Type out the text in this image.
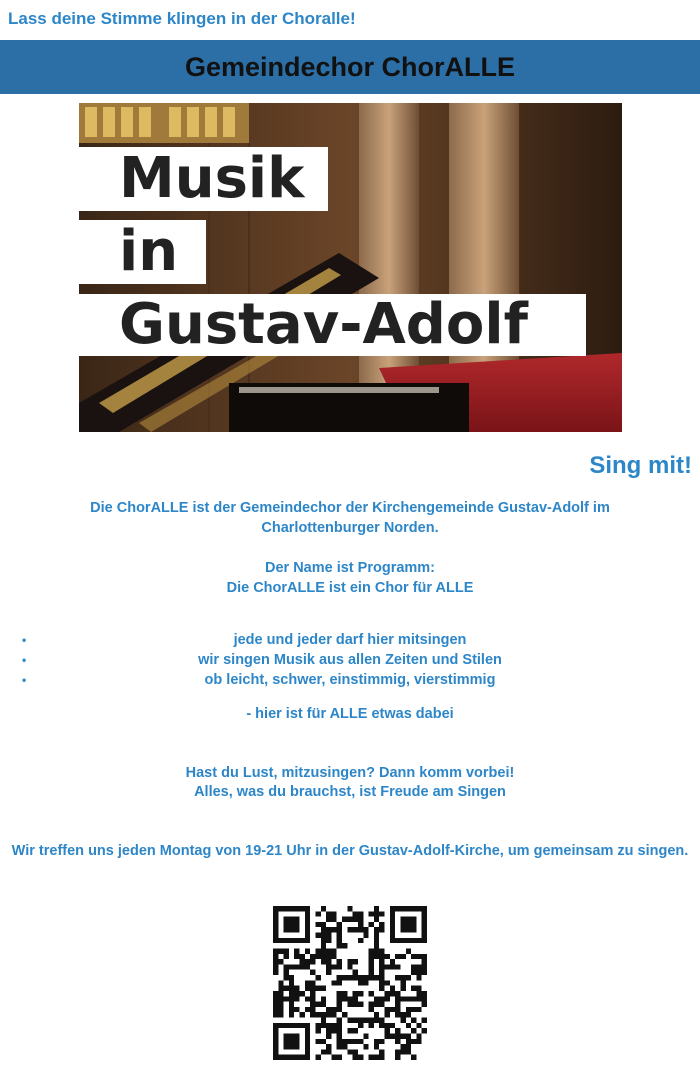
Lass deine Stimme klingen in der Choralle!

Gemeindechor ChorALLE
Musik
in
Gustav-Adolf

Sing mit!

Die ChorALLE ist der Gemeindechor der Kirchengemeinde Gustav-Adolf im Charlottenburger Norden.

Der Name ist Programm:

Die ChorALLE ist ein Chor für ALLE

•	jede und jeder darf hier mitsingen
•	wir singen Musik aus allen Zeiten und Stilen
•	ob leicht, schwer, einstimmig, vierstimmig

- hier ist für ALLE etwas dabei

Hast du Lust, mitzusingen? Dann komm vorbei!

Alles, was du brauchst, ist Freude am Singen

Wir treffen uns jeden Montag von 19-21 Uhr in der Gustav-Adolf-Kirche, um gemeinsam zu singen.
